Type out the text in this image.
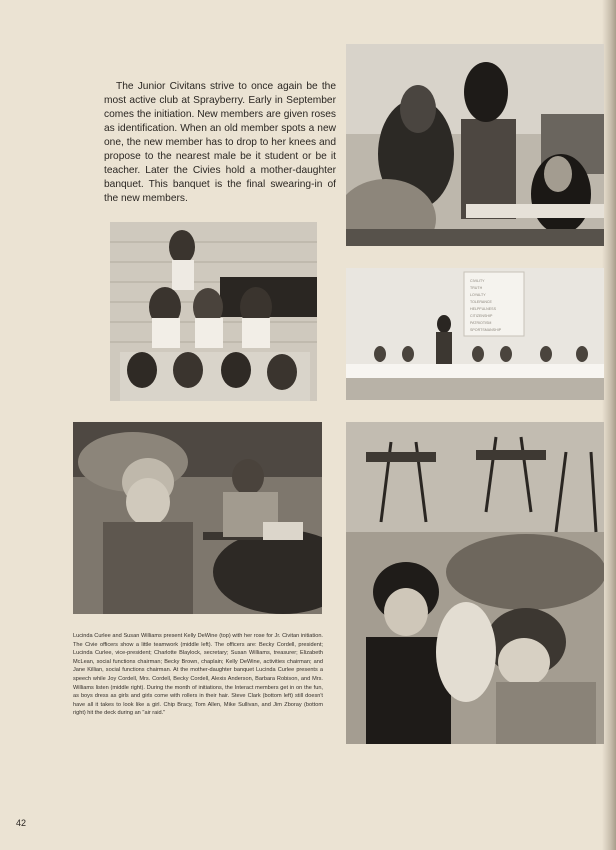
The Junior Civitans strive to once again be the most active club at Sprayberry. Early in September comes the initiation. New members are given roses as identification. When an old member spots a new one, the new member has to drop to her knees and propose to the nearest male be it student or be it teacher. Later the Civies hold a mother-daughter banquet. This banquet is the final swearing-in of the new members.

CIVILITY
TRUTH
LOYALTY
TOLERANCE
HELPFULNESS
CITIZENSHIP
PATRIOTISM
SPORTSMANSHIP

Lucinda Curlee and Susan Williams present Kelly DeWine (top) with her rose for Jr. Civitan initiation. The Civie officers show a little teamwork (middle left). The officers are: Becky Cordell, president; Lucinda Curlee, vice-president; Charlotte Blaylock, secretary; Susan Williams, treasurer; Elizabeth McLean, social functions chairman; Becky Brown, chaplain; Kelly DeWine, activities chairman; and Jane Killian, social functions chairman. At the mother-daughter banquet Lucinda Curlee presents a speech while Joy Cordell, Mrs. Cordell, Becky Cordell, Alexis Anderson, Barbara Robison, and Mrs. Williams listen (middle right). During the month of initiations, the Interact members get in on the fun, as boys dress as girls and girls come with rollers in their hair. Steve Clark (bottom left) still doesn't have all it takes to look like a girl. Chip Bracy, Tom Allen, Mike Sullivan, and Jim Zboray (bottom right) hit the deck during an ''air raid.''

42
